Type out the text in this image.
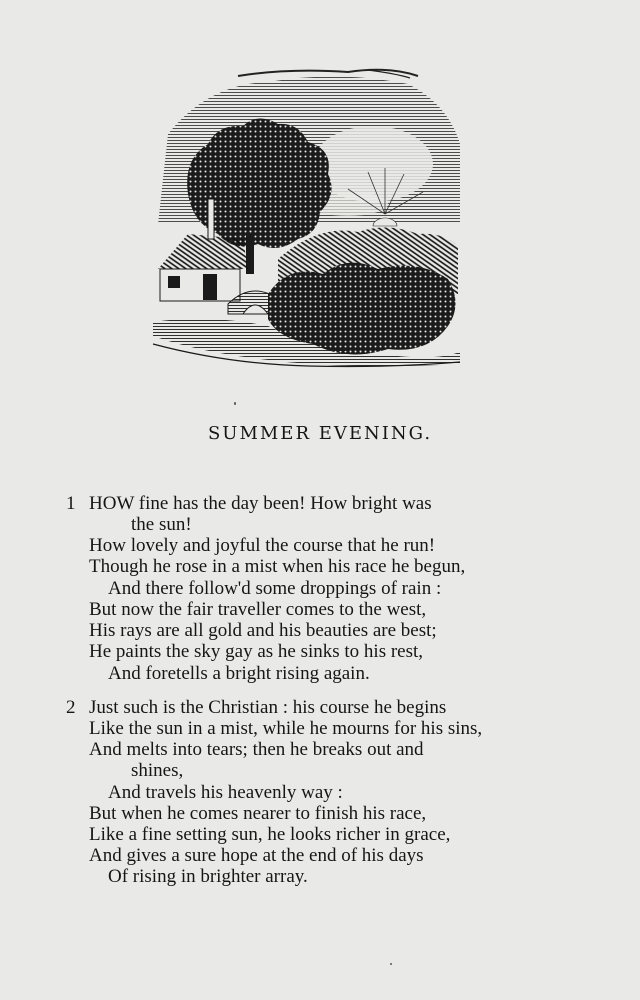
SUMMER EVENING.
1 HOW fine has the day been! How bright was
the sun!
How lovely and joyful the course that he run!
Though he rose in a mist when his race he begun,
And there follow'd some droppings of rain :
But now the fair traveller comes to the west,
His rays are all gold and his beauties are best;
He paints the sky gay as he sinks to his rest,
And foretells a bright rising again.
2 Just such is the Christian : his course he begins
Like the sun in a mist, while he mourns for his sins,
And melts into tears; then he breaks out and
shines,
And travels his heavenly way :
But when he comes nearer to finish his race,
Like a fine setting sun, he looks richer in grace,
And gives a sure hope at the end of his days
Of rising in brighter array.
